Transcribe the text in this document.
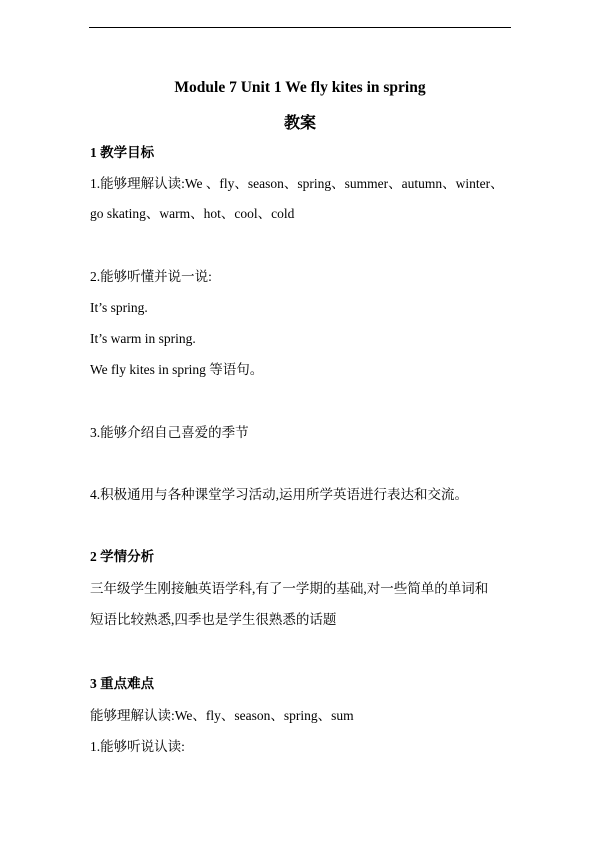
Module 7 Unit 1 We fly kites in spring
教案
1 教学目标
1.能够理解认读:We 、fly、season、spring、summer、autumn、winter、
go skating、warm、hot、cool、cold
2.能够听懂并说一说:
It’s spring.
It’s warm in spring.
We fly kites in spring 等语句。
3.能够介绍自己喜爱的季节
4.积极通用与各种课堂学习活动,运用所学英语进行表达和交流。
2 学情分析
三年级学生刚接触英语学科,有了一学期的基础,对一些简单的单词和
短语比较熟悉,四季也是学生很熟悉的话题
3 重点难点
能够理解认读:We、fly、season、spring、sum
1.能够听说认读:
